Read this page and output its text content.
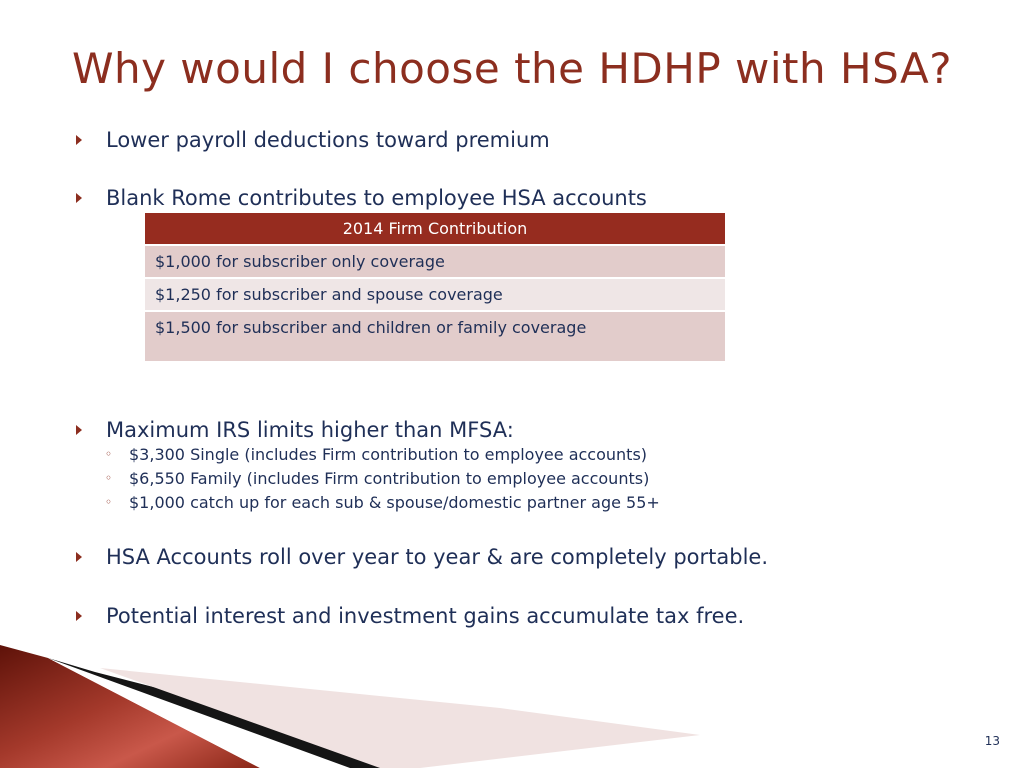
Why would I choose the HDHP with HSA?
Lower payroll deductions toward premium
Blank Rome contributes to employee HSA accounts
2014 Firm Contribution
$1,000 for subscriber only coverage
$1,250 for subscriber and spouse coverage
$1,500 for subscriber and children or family coverage
Maximum IRS limits higher than MFSA:
◦ $3,300 Single (includes Firm contribution to employee accounts)
◦ $6,550 Family (includes Firm contribution to employee accounts)
◦ $1,000 catch up for each sub & spouse/domestic partner age 55+
HSA Accounts roll over year to year & are completely portable.
Potential interest and investment gains accumulate tax free.
13
